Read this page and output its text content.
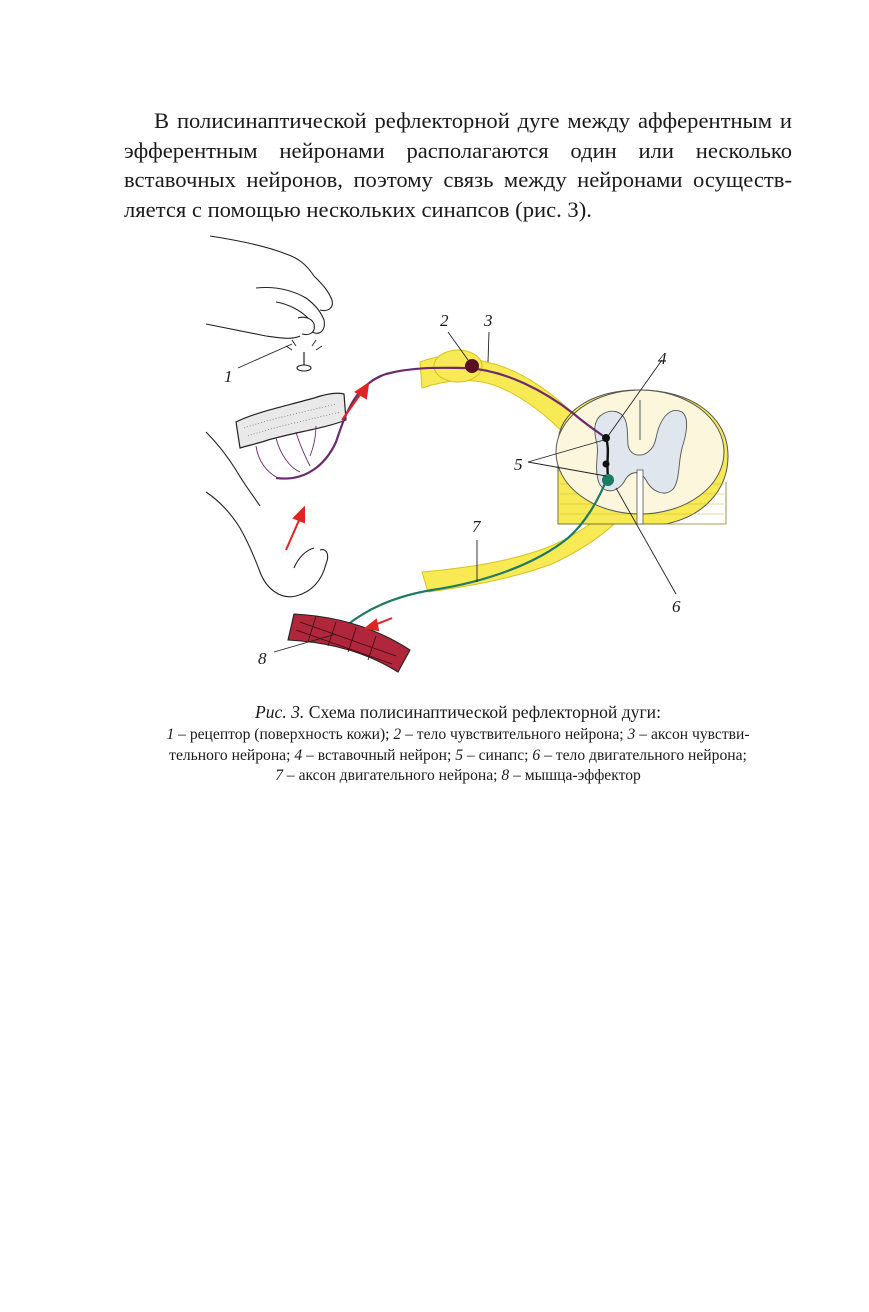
В полисинаптической рефлекторной дуге между афферентным и эфферентным нейронами располагаются один или несколько вставочных нейронов, поэтому связь между нейронами осуществ-ляется с помощью нескольких синапсов (рис. 3).

1
2 3
4
5
6
7
8
Рис. 3. Схема полисинаптической рефлекторной дуги:
1 – рецептор (поверхность кожи); 2 – тело чувствительного нейрона; 3 – аксон чувстви-
тельного нейрона; 4 – вставочный нейрон; 5 – синапс; 6 – тело двигательного нейрона;
7 – аксон двигательного нейрона; 8 – мышца-эффектор
